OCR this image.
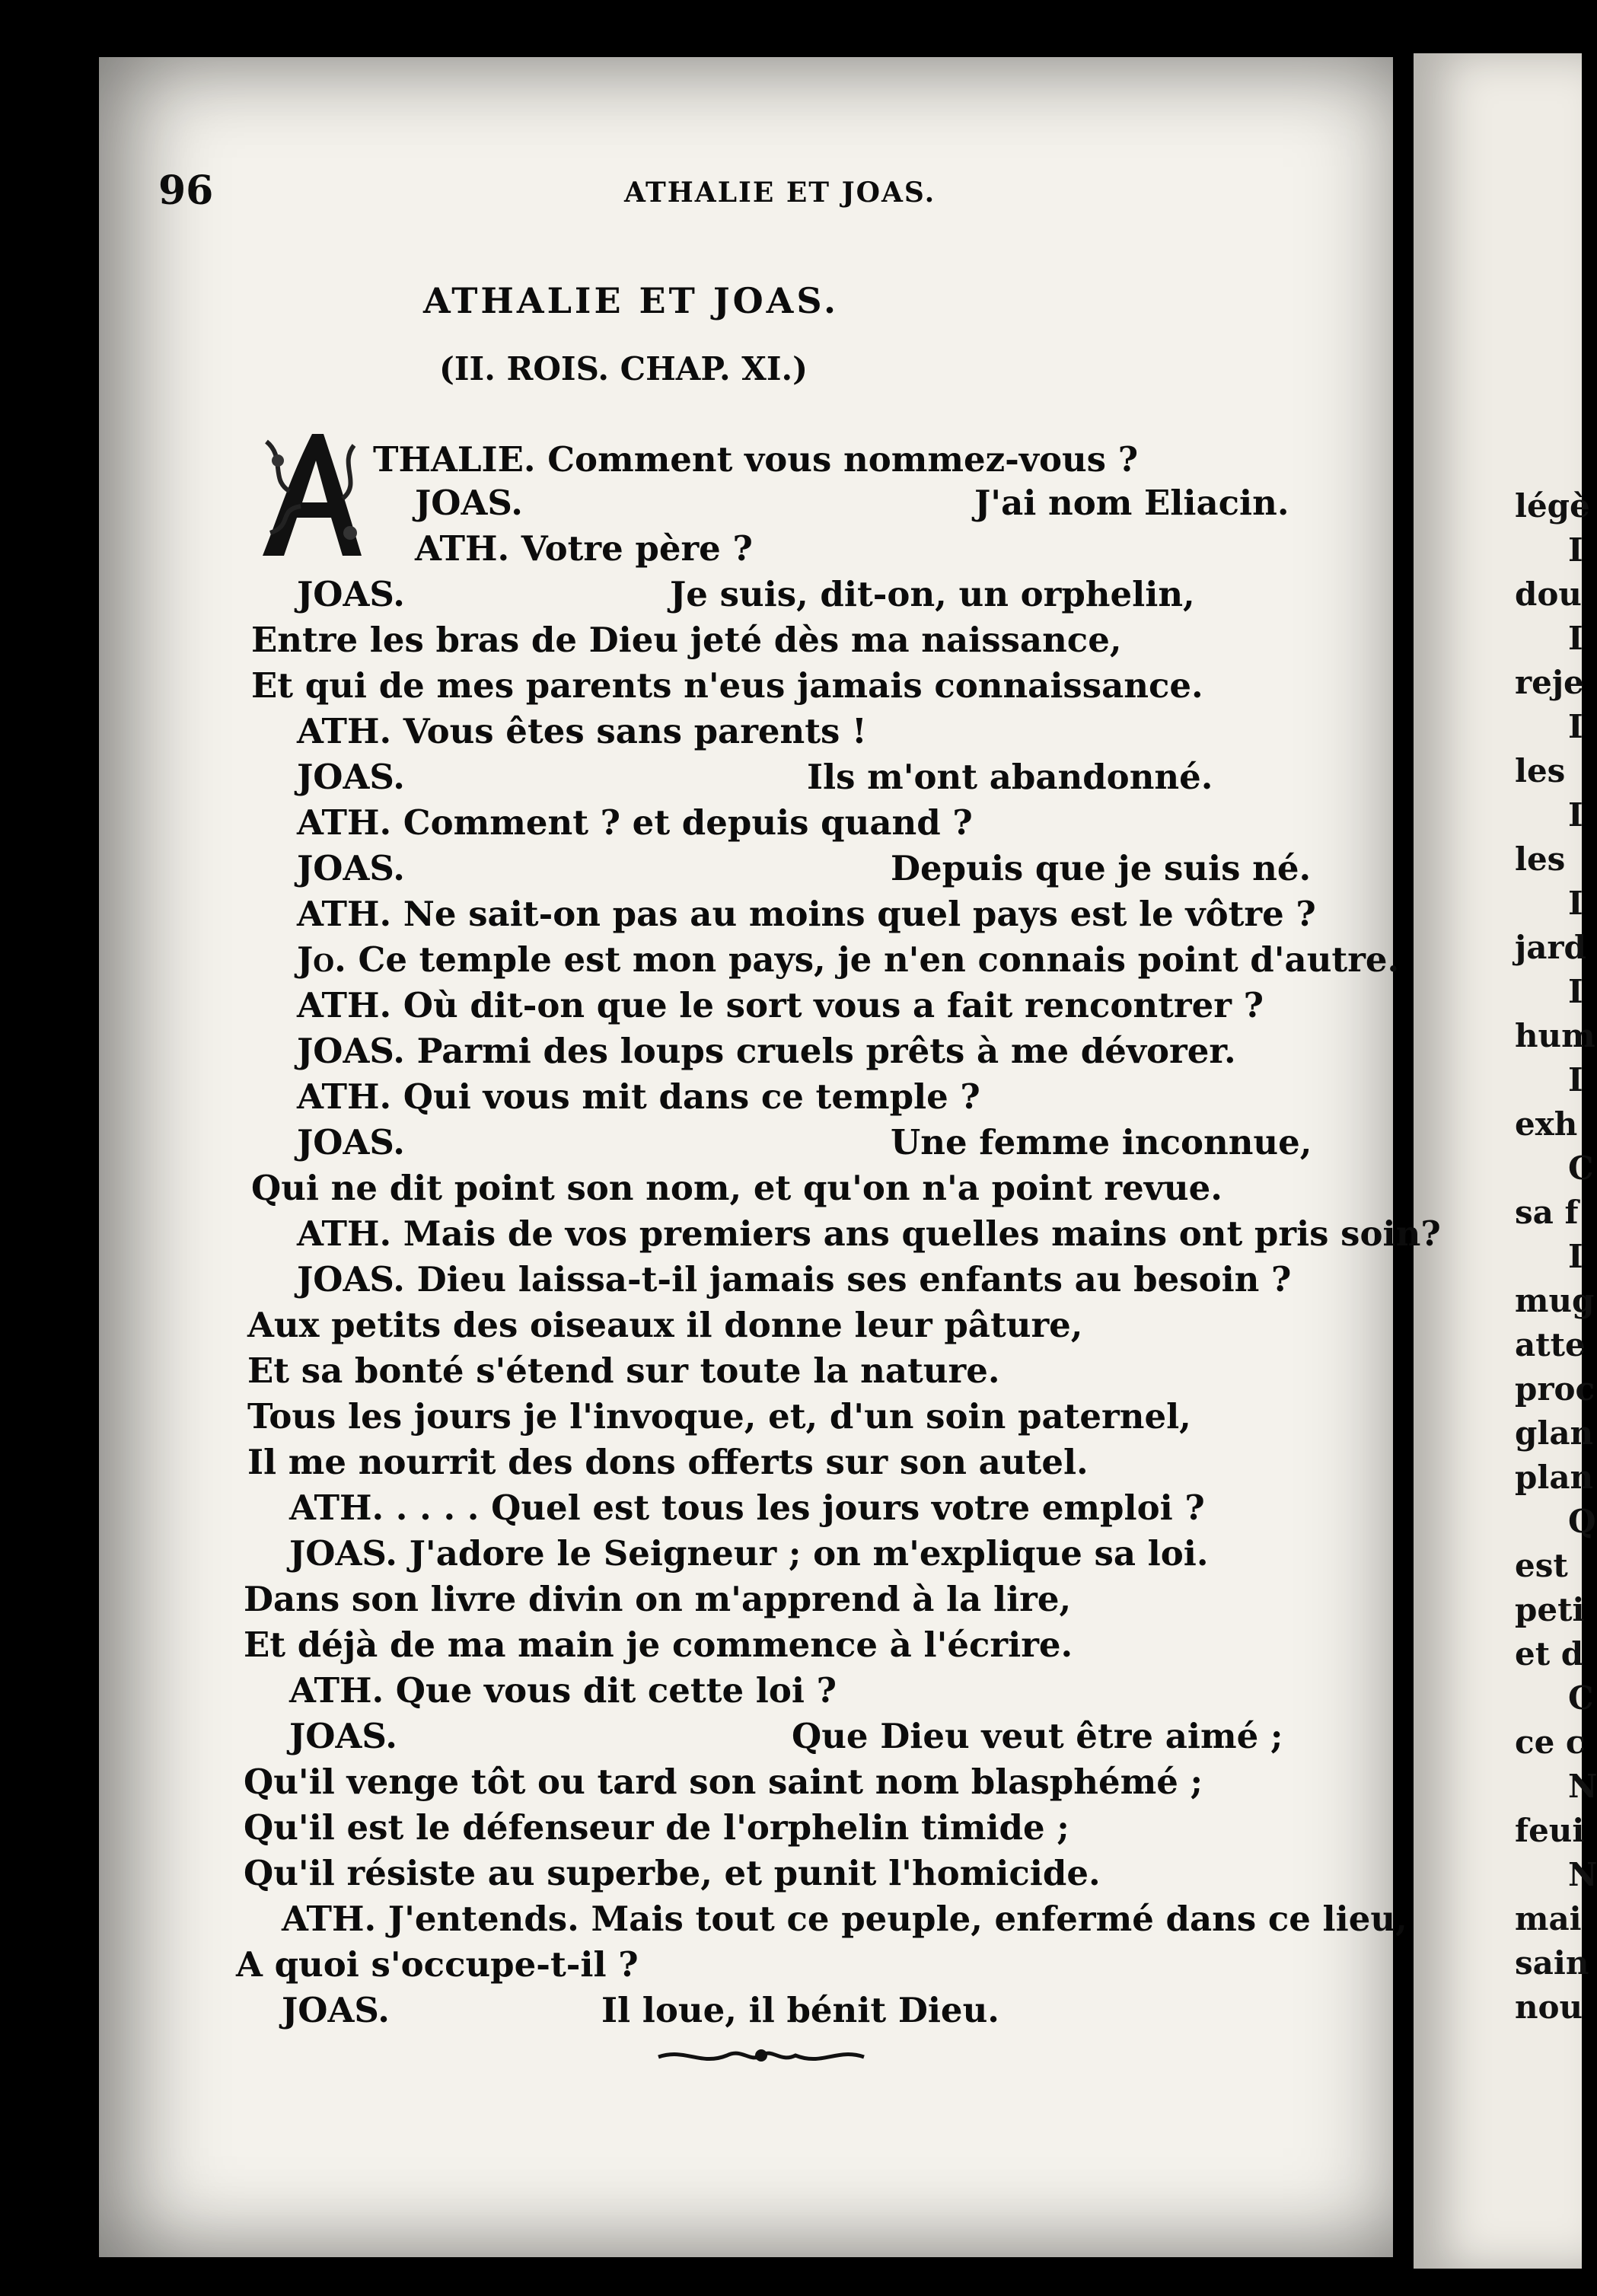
96	ATHALIE ET JOAS.
ATHALIE ET JOAS.
(II. ROIS. CHAP. XI.)
THALIE. Comment vous nommez-vous ?
JOAS.	J'ai nom Eliacin.
ATH. Votre père ?
JOAS.	Je suis, dit-on, un orphelin,
Entre les bras de Dieu jeté dès ma naissance,
Et qui de mes parents n'eus jamais connaissance.
ATH. Vous êtes sans parents !
JOAS.	Ils m'ont abandonné.
ATH. Comment ? et depuis quand ?
JOAS.	Depuis que je suis né.
ATH. Ne sait-on pas au moins quel pays est le vôtre ?
Jo. Ce temple est mon pays, je n'en connais point d'autre.
ATH. Où dit-on que le sort vous a fait rencontrer ?
JOAS. Parmi des loups cruels prêts à me dévorer.
ATH. Qui vous mit dans ce temple ?
JOAS.	Une femme inconnue,
Qui ne dit point son nom, et qu'on n'a point revue.
ATH. Mais de vos premiers ans quelles mains ont pris soin?
JOAS. Dieu laissa-t-il jamais ses enfants au besoin ?
Aux petits des oiseaux il donne leur pâture,
Et sa bonté s'étend sur toute la nature.
Tous les jours je l'invoque, et, d'un soin paternel,
Il me nourrit des dons offerts sur son autel.
ATH. . . . . Quel est tous les jours votre emploi ?
JOAS. J'adore le Seigneur ; on m'explique sa loi.
Dans son livre divin on m'apprend à la lire,
Et déjà de ma main je commence à l'écrire.
ATH. Que vous dit cette loi ?
JOAS.	Que Dieu veut être aimé ;
Qu'il venge tôt ou tard son saint nom blasphémé ;
Qu'il est le défenseur de l'orphelin timide ;
Qu'il résiste au superbe, et punit l'homicide.
ATH. J'entends. Mais tout ce peuple, enfermé dans ce lieu,
A quoi s'occupe-t-il ?
JOAS.	Il loue, il bénit Dieu.
légè
I
dou
I
reje
I
les
I
les
I
jard
I
hum
I
exh
C
sa f
I
mug
atte
proc
glan
plan
Q
est
peti
et d
C
ce c
N
feui
N
mai
sain
nou
